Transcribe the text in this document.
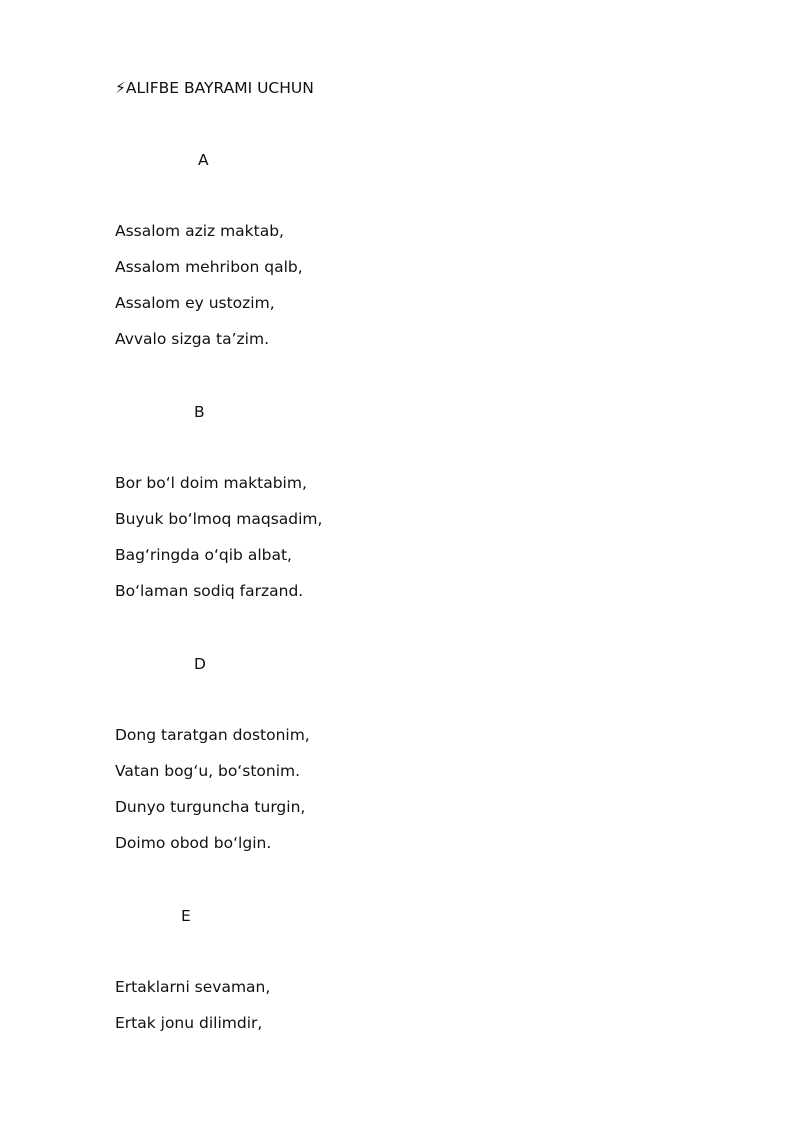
⚡ALIFBE BAYRAMI UCHUN
A
Assalom aziz maktab,
Assalom mehribon qalb,
Assalom ey ustozim,
Avvalo sizga ta’zim.
B
Bor bo‘l doim maktabim,
Buyuk bo‘lmoq maqsadim,
Bag‘ringda o‘qib albat,
Bo‘laman sodiq farzand.
D
Dong taratgan dostonim,
Vatan bog‘u, bo‘stonim.
Dunyo turguncha turgin,
Doimo obod bo‘lgin.
E
Ertaklarni sevaman,
Ertak jonu dilimdir,
